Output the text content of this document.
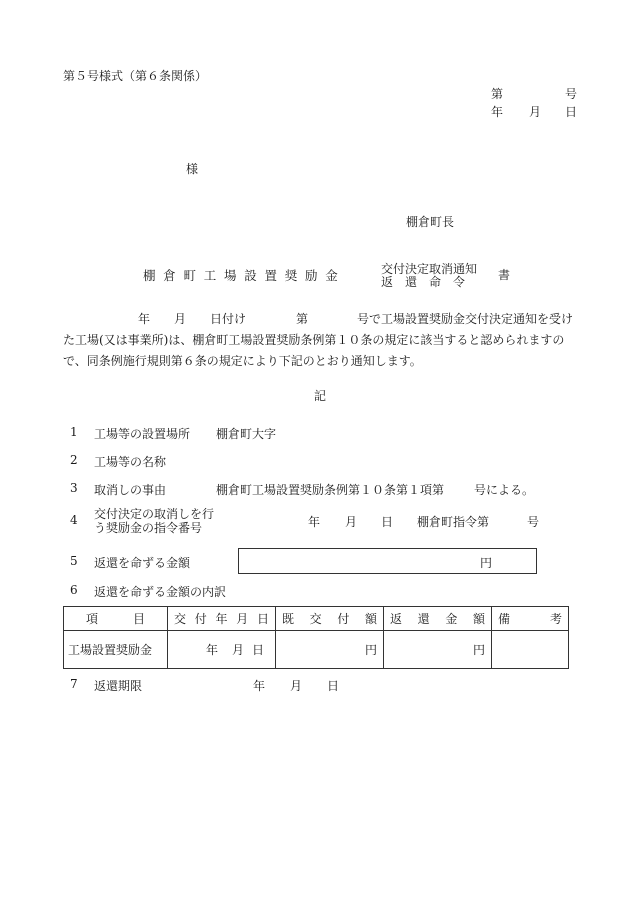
第５号様式（第６条関係）
第	号
年 月 日
様
棚倉町長
棚倉町工場設置奨励金	交付決定取消通知
返　還　命　令	書
年 月 日付け	第	号で工場設置奨励金交付決定通知を受け
た工場(又は事業所)は、棚倉町工場設置奨励条例第１０条の規定に該当すると認められますの
で、同条例施行規則第６条の規定により下記のとおり通知します。
記
1 工場等の設置場所 棚倉町大字
2 工場等の名称
3 取消しの事由	棚倉町工場設置奨励条例第１０条第１項第 号による。
4 交付決定の取消しを行
う奨励金の指令番号	年 月 日 棚倉町指令第	号
5 返還を命ずる金額	円
6 返還を命ずる金額の内訳
項目	交付年月日	既交付額	返還金額	備考

工場設置奨励金	年 月 日	円	円	
7 返還期限	年 月 日
